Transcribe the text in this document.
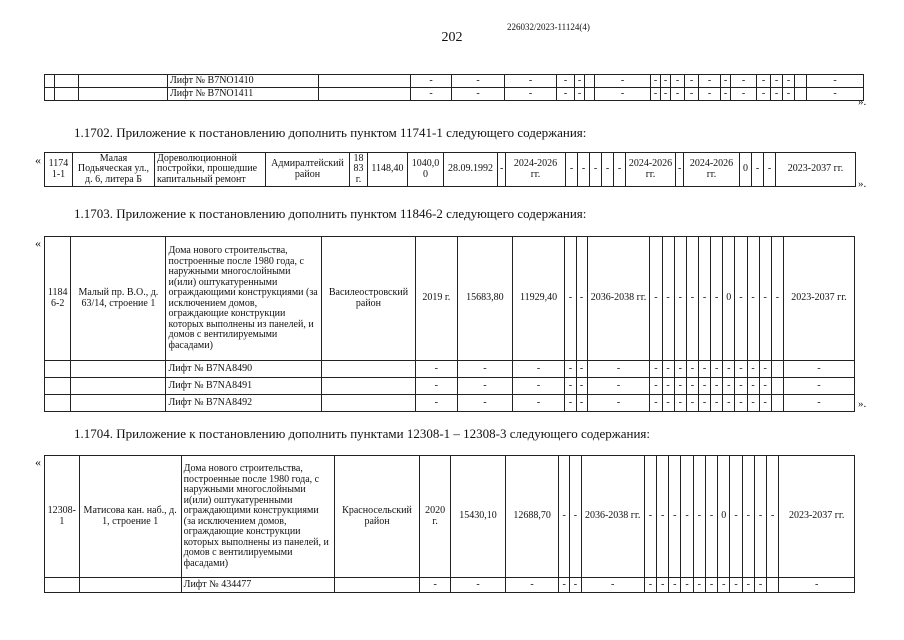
226032/2023-11124(4)
202
			Лифт № B7NO1410		-	-	-	-	-		-	-	-	-	-	-	-	-	-	-	-		-
			Лифт № B7NO1411		-	-	-	-	-		-	-	-	-	-	-	-	-	-	-	-		-
».
1.1702. Приложение к постановлению дополнить пунктом 11741-1 следующего содержания:
« 11741-1	Малая Подьяческая ул., д. 6, литера Б	Дореволюционной постройки, прошедшие капитальный ремонт	Адмиралтейский район	1883 г.	1148,40	1040,00	28.09.1992	-	2024-2026 гг.	-	-	-	-	-	2024-2026 гг.	-	2024-2026 гг.	0	-	-	2023-2037 гг.
».
1.1703. Приложение к постановлению дополнить пунктом 11846-2 следующего содержания:
«
11846-2	Малый пр. В.О., д. 63/14, строение 1	Дома нового строительства, построенные после 1980 года, с наружными многослойными и(или) оштукатуренными ограждающими конструкциями (за исключением домов, ограждающие конструкции которых выполнены из панелей, и домов с вентилируемыми фасадами)	Василеостровский район	2019 г.	15683,80	11929,40	-	-	2036-2038 гг.	-	-	-	-	-	-	0	-	-	-	-	2023-2037 гг.
		Лифт № B7NA8490		-	-	-	-	-	-	-	-	-	-	-	-	-	-	-	-		-
		Лифт № B7NA8491		-	-	-	-	-	-	-	-	-	-	-	-	-	-	-	-		-
		Лифт № B7NA8492		-	-	-	-	-	-	-	-	-	-	-	-	-	-	-	-		-	».
1.1704. Приложение к постановлению дополнить пунктами 12308-1 – 12308-3 следующего содержания:
«
12308-1	Матисова кан. наб., д. 1, строение 1	Дома нового строительства, построенные после 1980 года, с наружными многослойными и(или) оштукатуренными ограждающими конструкциями (за исключением домов, ограждающие конструкции которых выполнены из панелей, и домов с вентилируемыми фасадами)	Красносельский район	2020 г.	15430,10	12688,70	-	-	2036-2038 гг.	-	-	-	-	-	-	0	-	-	-	-	2023-2037 гг.
		Лифт № 434477		-	-	-	-	-	-	-	-	-	-	-	-	-	-	-	-		-
